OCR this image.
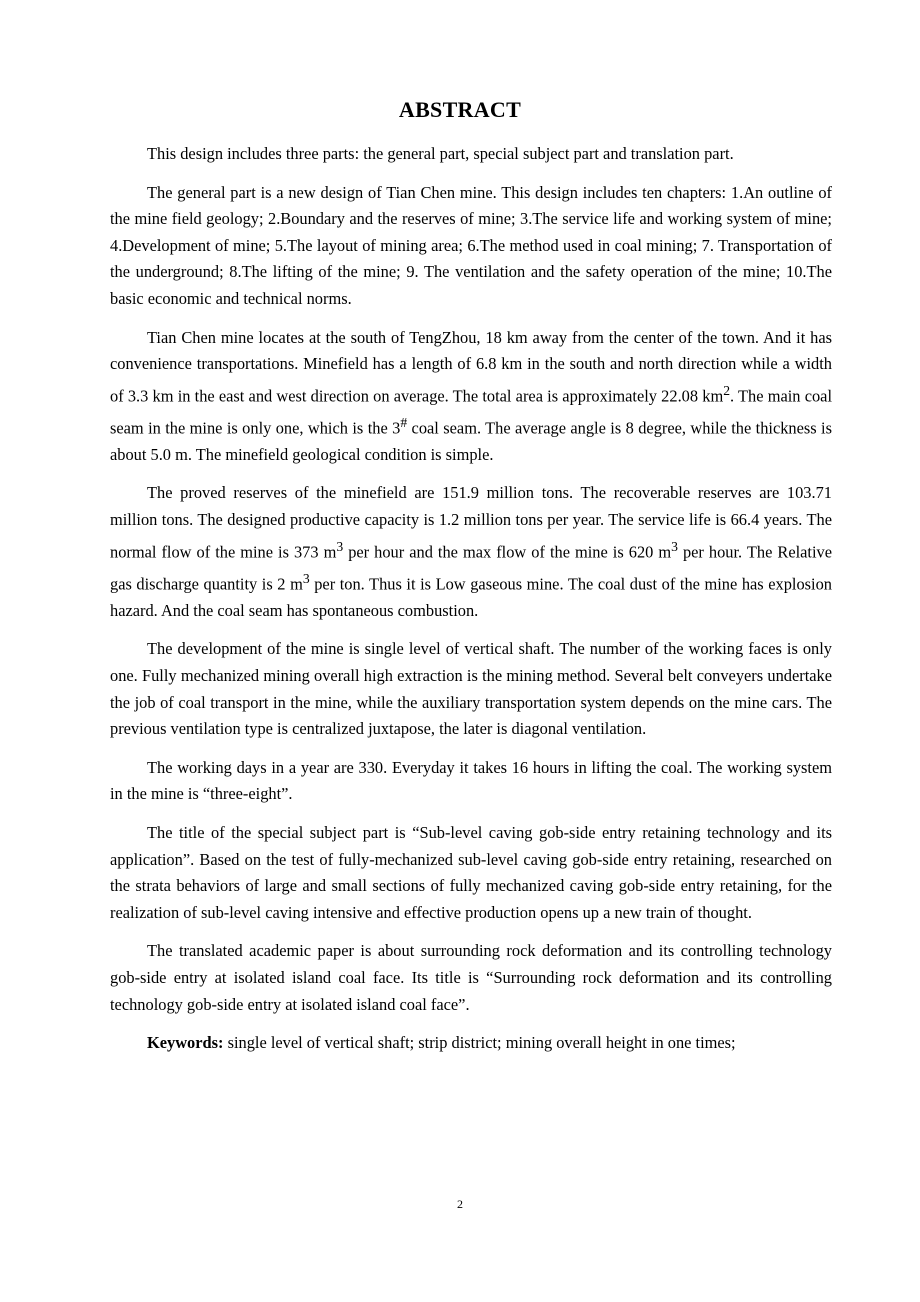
ABSTRACT

This design includes three parts: the general part, special subject part and translation part.

The general part is a new design of Tian Chen mine. This design includes ten chapters: 1.An outline of the mine field geology; 2.Boundary and the reserves of mine; 3.The service life and working system of mine; 4.Development of mine; 5.The layout of mining area; 6.The method used in coal mining; 7. Transportation of the underground; 8.The lifting of the mine; 9. The ventilation and the safety operation of the mine; 10.The basic economic and technical norms.

Tian Chen mine locates at the south of TengZhou, 18 km away from the center of the town. And it has convenience transportations. Minefield has a length of 6.8 km in the south and north direction while a width of 3.3 km in the east and west direction on average. The total area is approximately 22.08 $km^2$. The main coal seam in the mine is only one, which is the 3# coal seam. The average angle is 8 degree, while the thickness is about 5.0 m. The minefield geological condition is simple.

The proved reserves of the minefield are 151.9 million tons. The recoverable reserves are 103.71 million tons. The designed productive capacity is 1.2 million tons per year. The service life is 66.4 years. The normal flow of the mine is 373 $m^3$ per hour and the max flow of the mine is 620 $m^3$ per hour. The Relative gas discharge quantity is 2 $m^3$ per ton. Thus it is Low gaseous mine. The coal dust of the mine has explosion hazard. And the coal seam has spontaneous combustion.

The development of the mine is single level of vertical shaft. The number of the working faces is only one. Fully mechanized mining overall high extraction is the mining method. Several belt conveyers undertake the job of coal transport in the mine, while the auxiliary transportation system depends on the mine cars. The previous ventilation type is centralized juxtapose, the later is diagonal ventilation.

The working days in a year are 330. Everyday it takes 16 hours in lifting the coal. The working system in the mine is “three-eight”.

The title of the special subject part is “Sub-level caving gob-side entry retaining technology and its application”. Based on the test of fully-mechanized sub-level caving gob-side entry retaining, researched on the strata behaviors of large and small sections of fully mechanized caving gob-side entry retaining, for the realization of sub-level caving intensive and effective production opens up a new train of thought.

The translated academic paper is about surrounding rock deformation and its controlling technology gob-side entry at isolated island coal face. Its title is “Surrounding rock deformation and its controlling technology gob-side entry at isolated island coal face”.

Keywords: single level of vertical shaft; strip district; mining overall height in one times;

2
